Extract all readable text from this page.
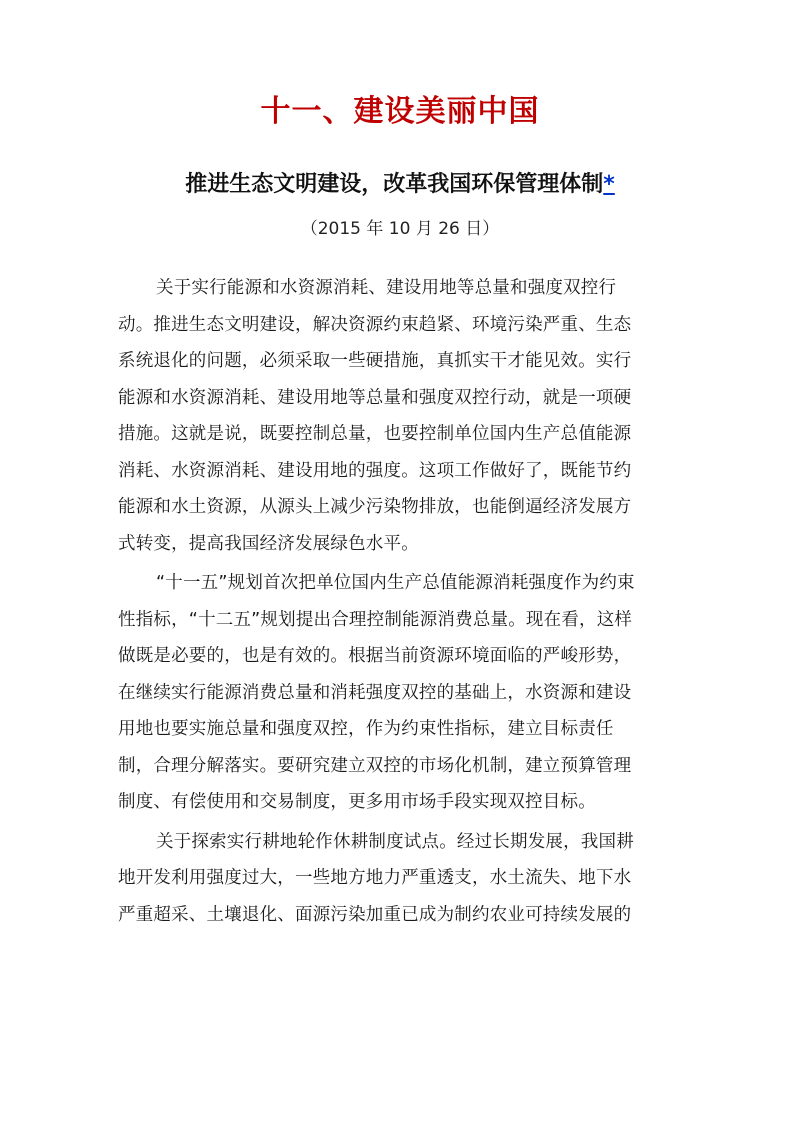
十一、建设美丽中国
推进生态文明建设，改革我国环保管理体制*
（2015 年 10 月 26 日）
关于实行能源和水资源消耗、建设用地等总量和强度双控行
动。推进生态文明建设，解决资源约束趋紧、环境污染严重、生态
系统退化的问题，必须采取一些硬措施，真抓实干才能见效。实行
能源和水资源消耗、建设用地等总量和强度双控行动，就是一项硬
措施。这就是说，既要控制总量，也要控制单位国内生产总值能源
消耗、水资源消耗、建设用地的强度。这项工作做好了，既能节约
能源和水土资源，从源头上减少污染物排放，也能倒逼经济发展方
式转变，提高我国经济发展绿色水平。
“十一五”规划首次把单位国内生产总值能源消耗强度作为约束
性指标，“十二五”规划提出合理控制能源消费总量。现在看，这样
做既是必要的，也是有效的。根据当前资源环境面临的严峻形势，
在继续实行能源消费总量和消耗强度双控的基础上，水资源和建设
用地也要实施总量和强度双控，作为约束性指标，建立目标责任
制，合理分解落实。要研究建立双控的市场化机制，建立预算管理
制度、有偿使用和交易制度，更多用市场手段实现双控目标。
关于探索实行耕地轮作休耕制度试点。经过长期发展，我国耕
地开发利用强度过大，一些地方地力严重透支，水土流失、地下水
严重超采、土壤退化、面源污染加重已成为制约农业可持续发展的
